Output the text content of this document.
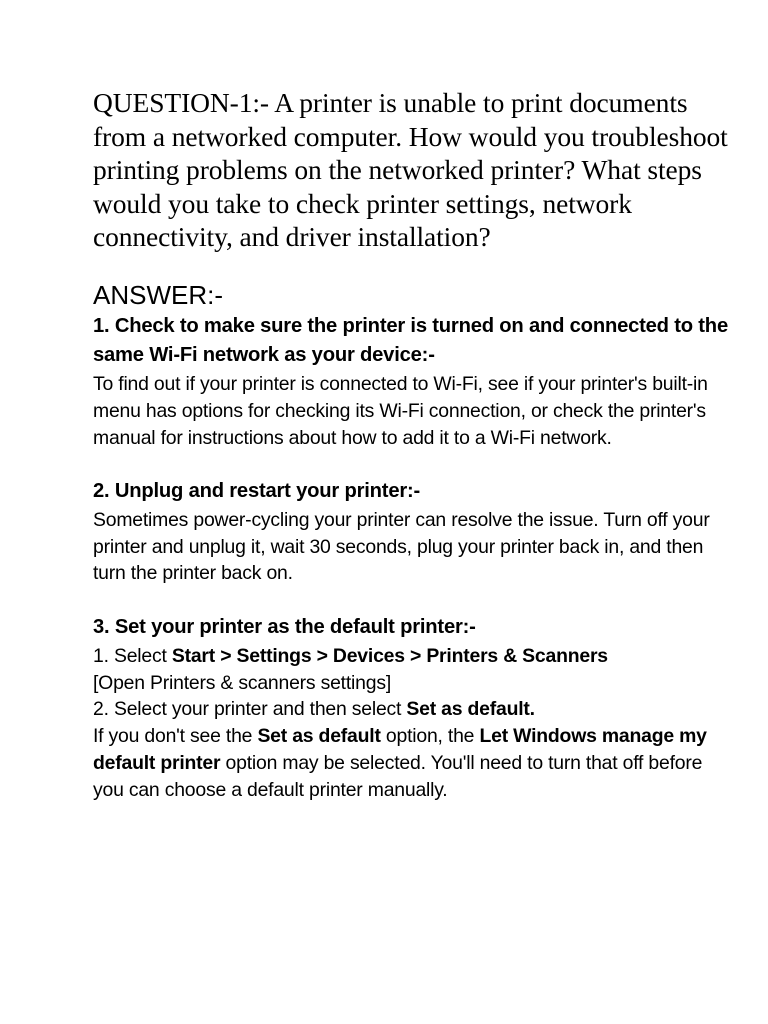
QUESTION-1:- A printer is unable to print documents from a networked computer. How would you troubleshoot printing problems on the networked printer? What steps would you take to check printer settings, network connectivity, and driver installation?

ANSWER:-

1. Check to make sure the printer is turned on and connected to the same Wi-Fi network as your device:-

To find out if your printer is connected to Wi-Fi, see if your printer's built-in menu has options for checking its Wi-Fi connection, or check the printer's manual for instructions about how to add it to a Wi-Fi network.

2. Unplug and restart your printer:-

Sometimes power-cycling your printer can resolve the issue. Turn off your printer and unplug it, wait 30 seconds, plug your printer back in, and then turn the printer back on.

3. Set your printer as the default printer:-

1. Select Start > Settings > Devices > Printers & Scanners
[Open Printers & scanners settings]
2. Select your printer and then select Set as default.
If you don't see the Set as default option, the Let Windows manage my default printer option may be selected. You'll need to turn that off before you can choose a default printer manually.
